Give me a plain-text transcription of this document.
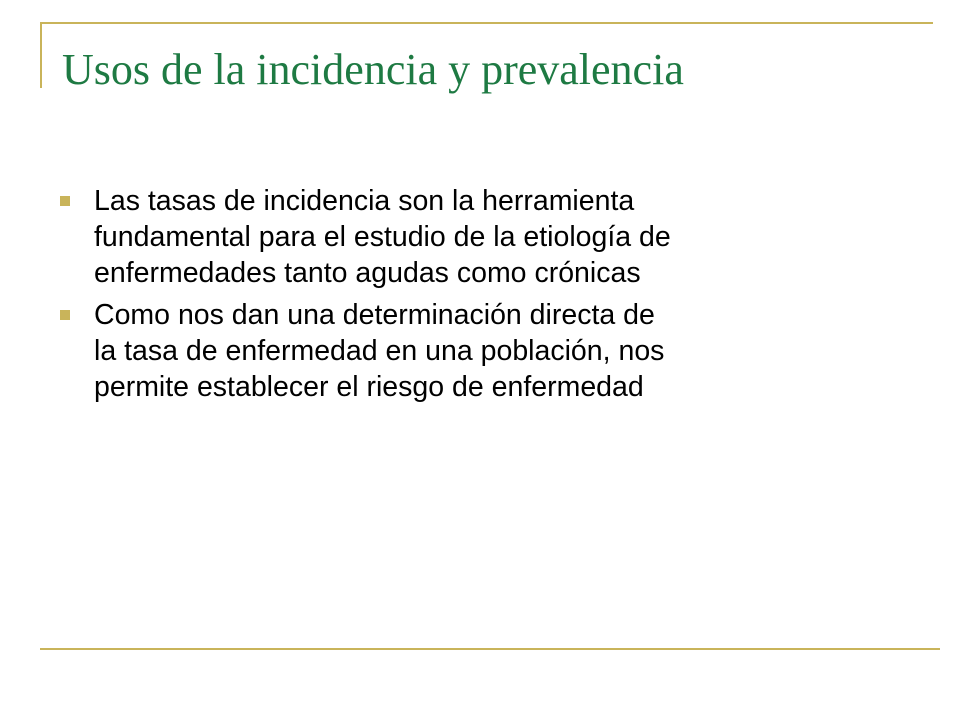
Usos de la incidencia y prevalencia
Las tasas de incidencia son la herramienta
fundamental para el estudio de la etiología de
enfermedades tanto agudas como crónicas
Como nos dan una determinación directa de
la tasa de enfermedad en una población, nos
permite establecer el riesgo de enfermedad
